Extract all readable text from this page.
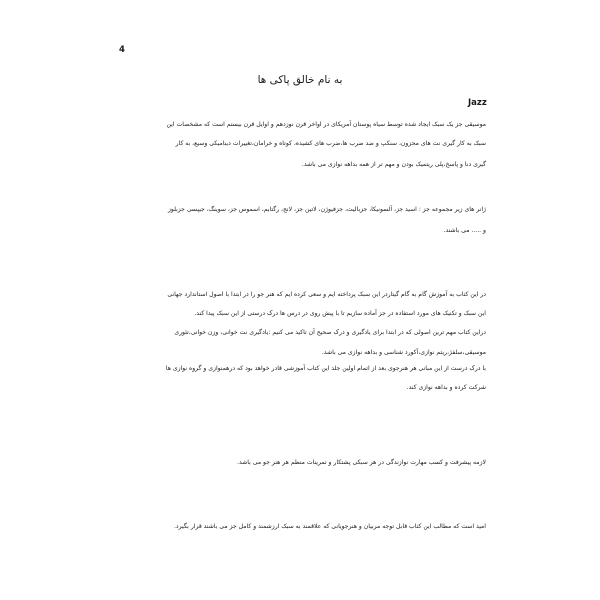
4
به نام خالق پاکی ها
Jazz
موسیقی جز یک سبک ایجاد شده توسط سیاه پوستان آمریکای در اواخر قرن نوزدهم و اوایل قرن بیستم است که مشخصات این
سبک به کار گیری نت های محزون، سنکپ و ضد ضرب ها،ضرب های کشیده، کوتاه و خرامان،تغییرات دینامیکی وسیع، به کار
گیری دنا و پاسخ،پلی ریتمیک بودن و مهم تر از همه بداهه نوازی می باشد.
ژانر های زیر مجموعه جز : اسید جز، آلسونیکا، جزبالیت، جزفیوژن، لاتین جز، لانج، رگتایم، اسموس جز، سوینگ، جیپسی جزبلوز
و ..... می باشند.
در این کتاب به آموزش گام به گام گیتاردر این سبک پرداخته ایم و سعی کرده ایم که هنر جو را در ابتدا با اصول استاندارد جهانی
این سبک و تکنیک های مورد استفاده در جز آماده سازیم تا با پیش روی در درس ها درک درستی از این سبک پیدا کند.
دراین کتاب مهم ترین اصولی که در ابتدا برای یادگیری و درک صحیح آن تاکید می کنیم :یادگیری نت خوانی، وزن خوانی،تئوری
موسیقی،سلفژ،ریتم نوازی،آکورد شناسی و بداهه نوازی می باشد.
با درک درست از این مبانی هر هنرجوی بعد از اتمام اولین جلد این کتاب آموزشی قادر خواهد بود که درهمنوازی و گروه نوازی ها
شرکت کرده و بداهه نوازی کند.
لازمه پیشرفت و کسب مهارت نوازندگی در هر سبکی پشتکار و تمرینات منظم هر هنر جو می باشد.
امید است که مطالب این کتاب قابل توجه مربیان و هنرجویانی که علاقمند به سبک ارزشمند و کامل جز می باشند قرار بگیرد.
